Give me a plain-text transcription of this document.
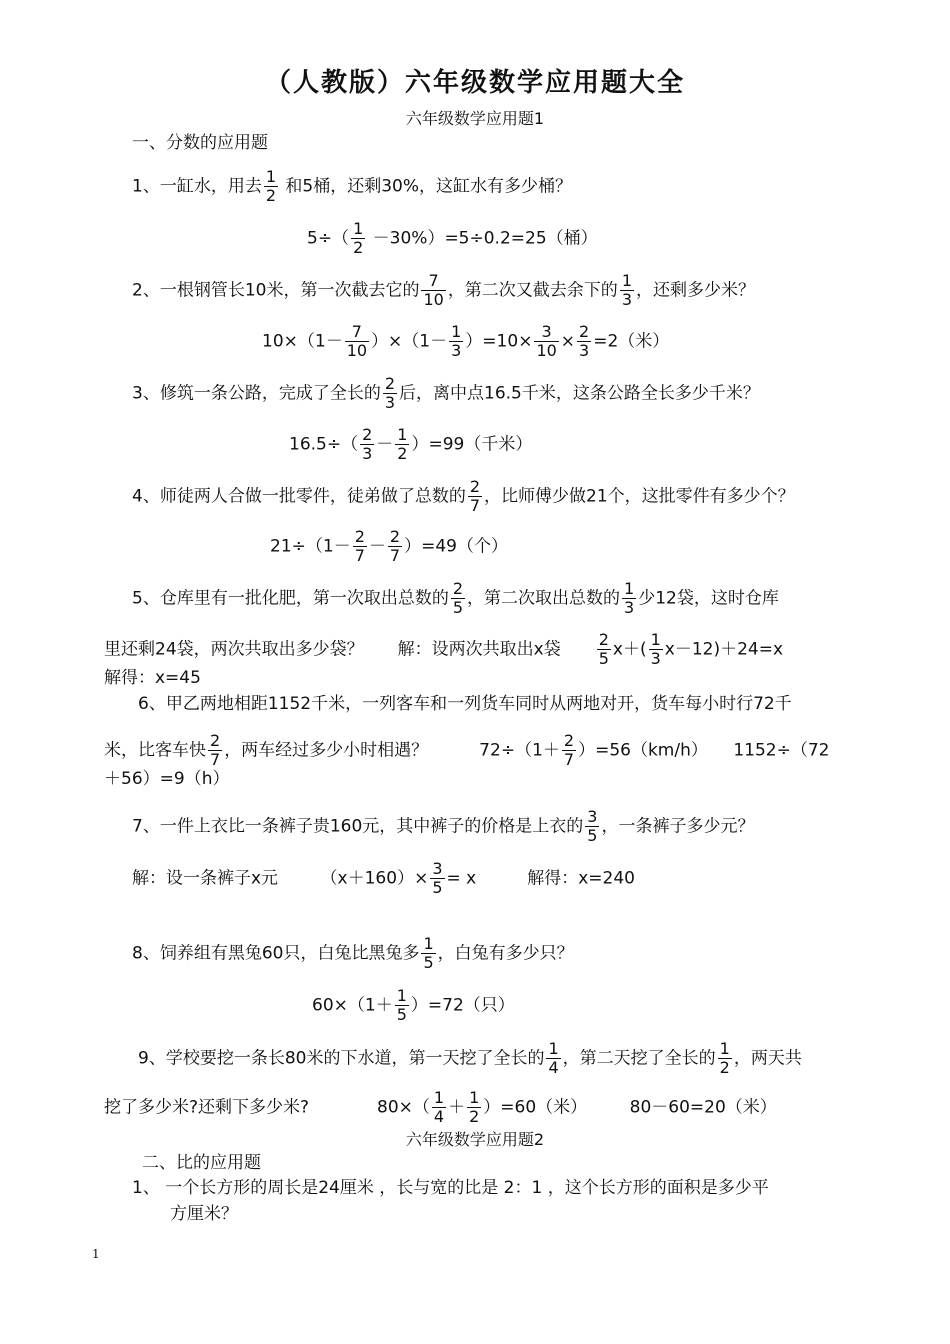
（人教版）六年级数学应用题大全
六年级数学应用题1
一、分数的应用题
1、一缸水，用去 $\frac{1}{2}$ 和5桶，还剩30%，这缸水有多少桶？
$5\div( \frac{1}{2} -30\%)=5\div 0.2=25$（桶）
2、一根钢管长10米，第一次截去它的 $\frac{7}{10}$ ，第二次又截去余下的 $\frac{1}{3}$ ，还剩多少米？
$10\times(1- \frac{7}{10} )\times(1- \frac{1}{3} )=10\times \frac{3}{10} \times \frac{2}{3} =2$（米）
3、修筑一条公路，完成了全长的 $\frac{2}{3}$ 后，离中点16.5千米，这条公路全长多少千米？
$16.5\div( \frac{2}{3} - \frac{1}{2} )=99$（千米）
4、师徒两人合做一批零件，徒弟做了总数的 $\frac{2}{7}$ ，比师傅少做21个，这批零件有多少个？
$21\div(1- \frac{2}{7} - \frac{2}{7} )=49$（个）
5、仓库里有一批化肥，第一次取出总数的 $\frac{2}{5}$ ，第二次取出总数的 $\frac{1}{3}$ 少12袋，这时仓库
里还剩24袋，两次共取出多少袋？　　解：设两次共取出x袋　　 $\frac{2}{5} x+( \frac{1}{3} x-12)+24=x$
解得：x=45
6、甲乙两地相距1152千米，一列客车和一列货车同时从两地对开，货车每小时行72千
米，比客车快 $\frac{2}{7}$ ，两车经过多少小时相遇？　　　$72\div(1+ \frac{2}{7} )=56(km/h)$　　1152÷（72
＋56）=9（h）
7、一件上衣比一条裤子贵160元，其中裤子的价格是上衣的 $\frac{3}{5}$ ，一条裤子多少元？
解：设一条裤子x元　　　$(x+160)\times \frac{3}{5} = x$　　　解得：x=240
8、饲养组有黑兔60只，白兔比黑兔多 $\frac{1}{5}$ ，白兔有多少只？
$60\times(1+ \frac{1}{5} )=72$（只）
9、学校要挖一条长80米的下水道，第一天挖了全长的 $\frac{1}{4}$ ，第二天挖了全长的 $\frac{1}{2}$ ，两天共
挖了多少米?还剩下多少米?　　　　$80\times( \frac{1}{4} + \frac{1}{2} )=60$（米）　　　80－60=20（米）
六年级数学应用题2
二、比的应用题
1、 一个长方形的周长是24厘米 ，长与宽的比是 2：1 ，这个长方形的面积是多少平
方厘米？
1
